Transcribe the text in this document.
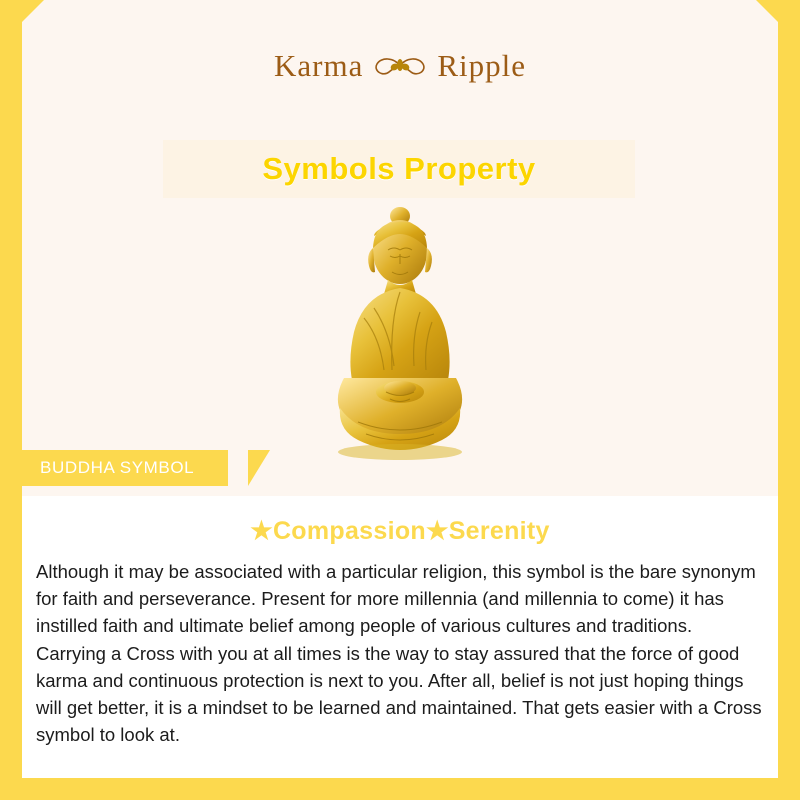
Karma Ripple
Symbols Property
BUDDHA SYMBOL
★Compassion★Serenity
Although it may be associated with a particular religion, this symbol is the bare synonym for faith and perseverance. Present for more millennia (and millennia to come) it has instilled faith and ultimate belief among people of various cultures and traditions. Carrying a Cross with you at all times is the way to stay assured that the force of good karma and continuous protection is next to you. After all, belief is not just hoping things will get better, it is a mindset to be learned and maintained. That gets easier with a Cross symbol to look at.
